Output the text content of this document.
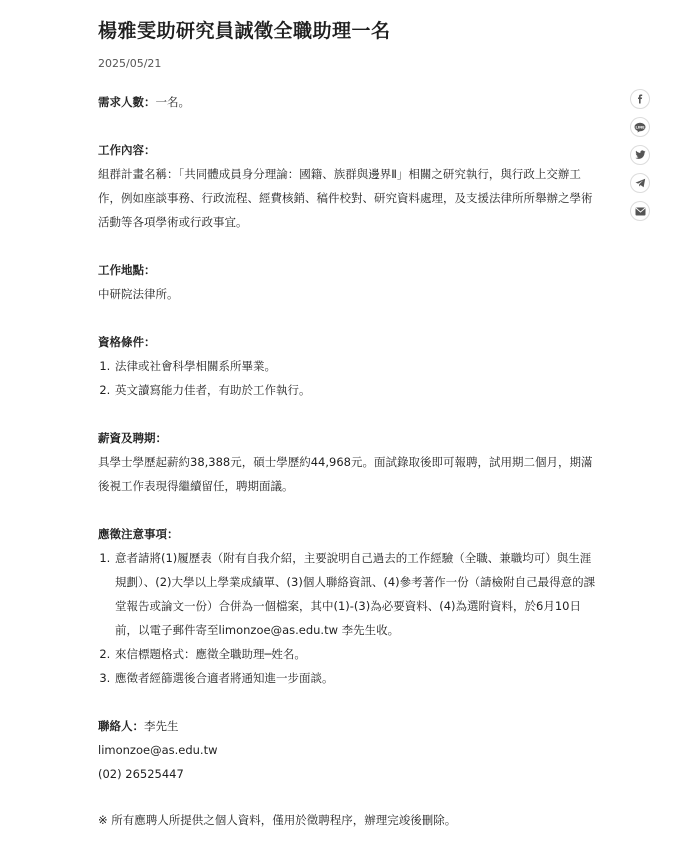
楊雅雯助研究員誠徵全職助理一名
2025/05/21
需求人數：一名。
工作內容：

組群計畫名稱：「共同體成員身分理論：國籍、族群與邊界Ⅱ」相關之研究執行，與行政上交辦工作，例如座談事務、行政流程、經費核銷、稿件校對、研究資料處理，及支援法律所所舉辦之學術活動等各項學術或行政事宜。

工作地點：
中研院法律所。
資格條件：
1. 法律或社會科學相關系所畢業。
2. 英文讀寫能力佳者，有助於工作執行。
薪資及聘期：

具學士學歷起薪約38,388元，碩士學歷約44,968元。面試錄取後即可報聘，試用期二個月，期滿後視工作表現得繼續留任，聘期面議。

應徵注意事項：
1. 意者請將(1)履歷表（附有自我介紹，主要說明自己過去的工作經驗（全職、兼職均可）與生涯規劃）、(2)大學以上學業成績單、(3)個人聯絡資訊、(4)參考著作一份（請檢附自己最得意的課堂報告或論文一份）合併為一個檔案，其中(1)-(3)為必要資料、(4)為選附資料，於6月10日前，以電子郵件寄至limonzoe@as.edu.tw 李先生收。
2. 來信標題格式：應徵全職助理─姓名。
3. 應徵者經篩選後合適者將通知進一步面談。
聯絡人：李先生
limonzoe@as.edu.tw
(02) 26525447
※ 所有應聘人所提供之個人資料，僅用於徵聘程序，辦理完竣後刪除。
LINE
